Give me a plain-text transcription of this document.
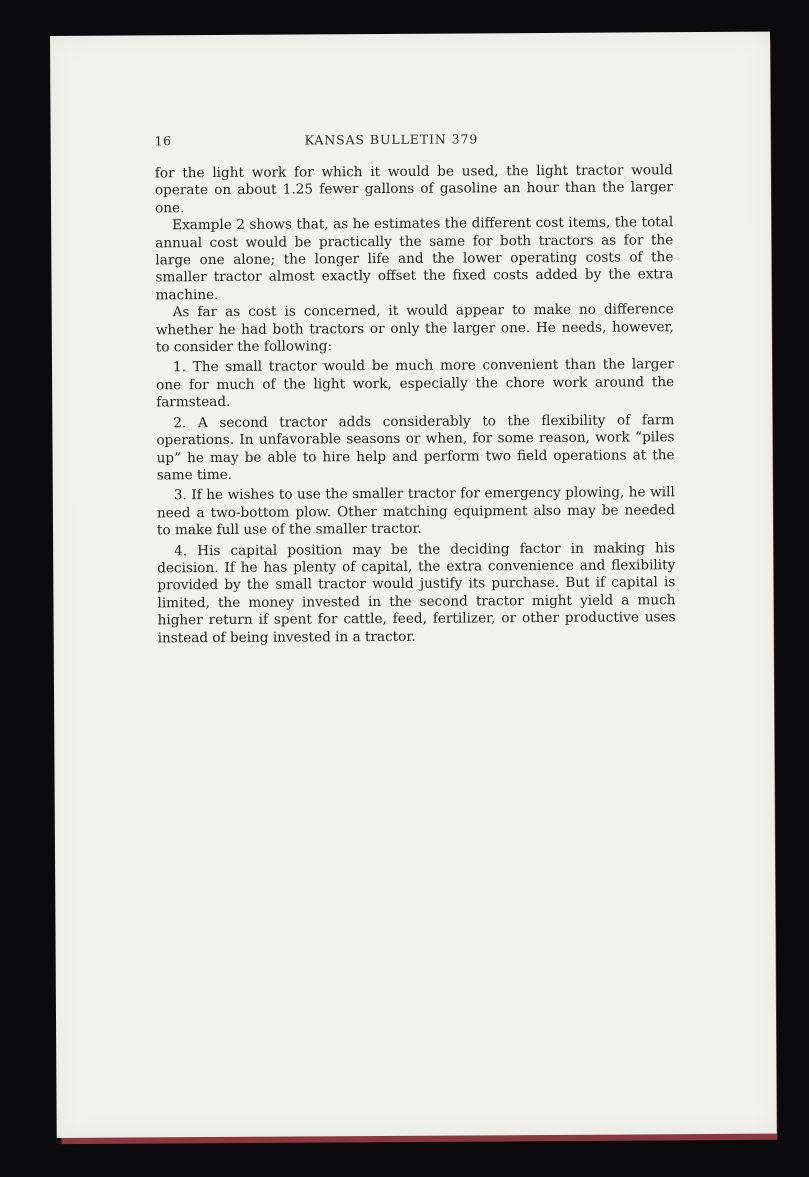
16	KANSAS BULLETIN 379

for the light work for which it would be used, the light tractor would operate on about 1.25 fewer gallons of gasoline an hour than the larger one.

Example 2 shows that, as he estimates the different cost items, the total annual cost would be practically the same for both tractors as for the large one alone; the longer life and the lower operating costs of the smaller tractor almost exactly offset the fixed costs added by the extra machine.

As far as cost is concerned, it would appear to make no difference whether he had both tractors or only the larger one. He needs, however, to consider the following:

1. The small tractor would be much more convenient than the larger one for much of the light work, especially the chore work around the farmstead.

2. A second tractor adds considerably to the flexibility of farm operations. In unfavorable seasons or when, for some reason, work “piles up” he may be able to hire help and perform two field operations at the same time.

3. If he wishes to use the smaller tractor for emergency plowing, he will need a two-bottom plow. Other matching equipment also may be needed to make full use of the smaller tractor.

4. His capital position may be the deciding factor in making his decision. If he has plenty of capital, the extra convenience and flexibility provided by the small tractor would justify its purchase. But if capital is limited, the money invested in the second tractor might yield a much higher return if spent for cattle, feed, fertilizer, or other productive uses instead of being invested in a tractor.
